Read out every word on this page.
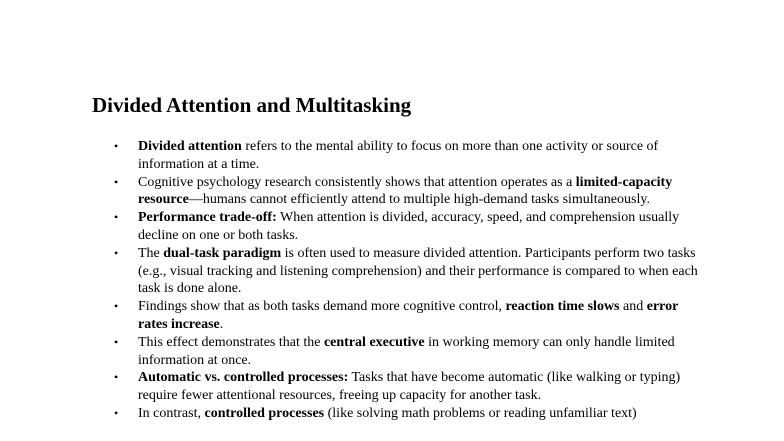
Divided Attention and Multitasking
• Divided attention refers to the mental ability to focus on more than one activity or source of information at a time.
• Cognitive psychology research consistently shows that attention operates as a limited-capacity resource—humans cannot efficiently attend to multiple high-demand tasks simultaneously.
• Performance trade-off: When attention is divided, accuracy, speed, and comprehension usually decline on one or both tasks.
• The dual-task paradigm is often used to measure divided attention. Participants perform two tasks (e.g., visual tracking and listening comprehension) and their performance is compared to when each task is done alone.
• Findings show that as both tasks demand more cognitive control, reaction time slows and error rates increase.
• This effect demonstrates that the central executive in working memory can only handle limited information at once.
• Automatic vs. controlled processes: Tasks that have become automatic (like walking or typing) require fewer attentional resources, freeing up capacity for another task.
• In contrast, controlled processes (like solving math problems or reading unfamiliar text)
